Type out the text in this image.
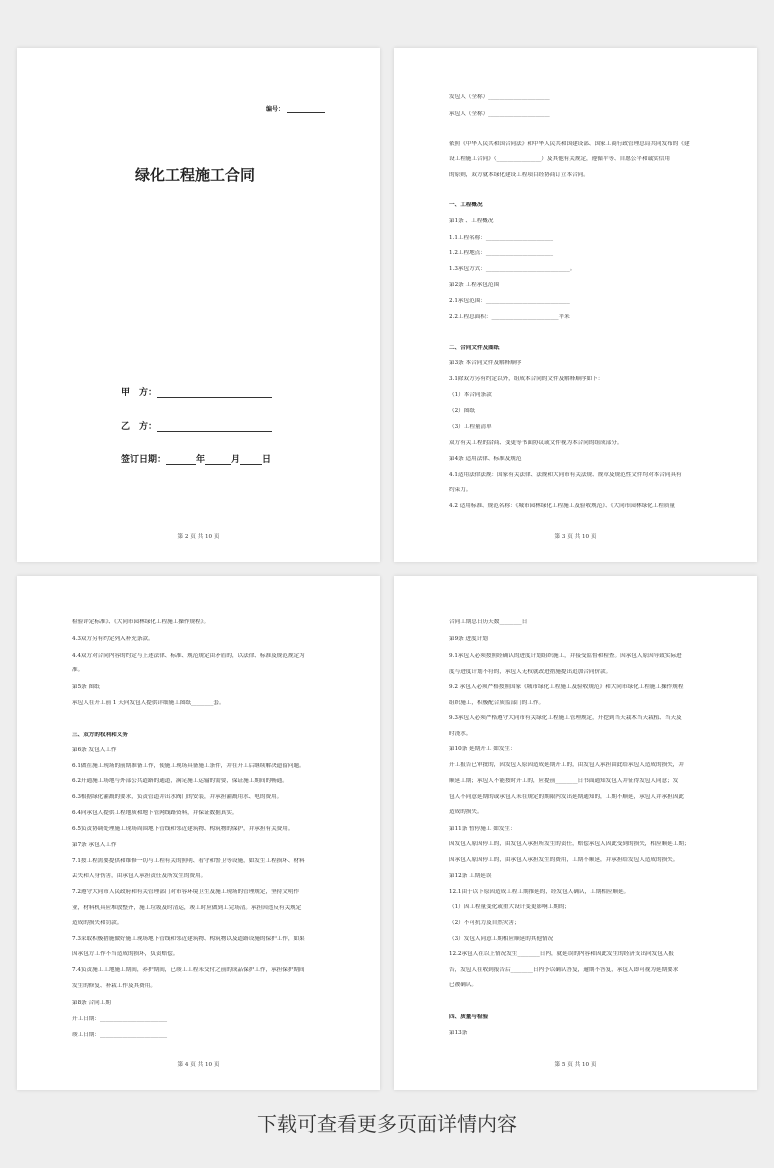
编号：
绿化工程施工合同
甲　方：
乙　方：
签订日期：	年	月 日
第 2 页 共 10 页
发包人（全称）______________________
承包人（全称）______________________
依照《中华人民共和国合同法》和中华人民共和国建设部、国家工商行政管理总局共同发布的《建
设工程施工合同》（________________）及其他有关规定，遵循平等、自愿公平和诚实信用
的原则，双方就本绿化建设工程项目经协商订立本合同。
一、工程概况
第1条 、工程概况
1.1工程名称：________________________
1.2工程地点：________________________
1.3承包方式：______________________________。
第2条 工程承包范围
2.1承包范围：______________________________
2.2工程总面积：________________________平米
二、合同文件及图纸
第3条 本合同文件及解释顺序
3.1除双方另有约定以外，组成本合同的文件及解释顺序如下：
（1）本合同条款
（2）图纸
（3）工程量清单
双方有关工程的洽商、变更等书面协议或文件视为本合同的组成部分。
第4条 适用法律、标准及规范
4.1适用法律法规：国家有关法律、法规和大同市有关法规、规章及规范性文件均对本合同具有
约束力。
4.2 适用标准、规范名称：《城市园林绿化工程施工及验收规范》、《大同市园林绿化工程质量
第 3 页 共 10 页
检验评定标准》、《大同市园林绿化工程施工操作规程》。
4.3双方另有约定列入补充条款。
4.4双方对合同内容的约定与上述法律、标准、规范规定由矛盾的，以法律、标准及规范规定为
准。
第5条 图纸
承包人在开工前 1 天向发包人提供详细施工图纸________套。
三、双方的权利和义务
第6条 发包人工作
6.1做在施工现场的前期准备工作，使施工现场具备施工条件，并在开工后继续解决遗留问题。
6.2开通施工场地与外部公共道路的通道，满足施工运输的需要，保证施工期间的畅通。
6.3根据绿化灌溉的要求，负责管道并出水阀门的安装，并承担灌溉用水、电的费用。
6.4向承包人提供工程地质和地下管网线路资料，并保证数据真实。
6.5负责协调处理施工现场周围地下管线和邻近建筑物、构筑物的保护，并承担有关费用。
第7条 承包人工作
7.1按工程需要提供和维修一切与工程有关的照明、看守和警卫等设施，如发生工程损坏、材料
丢失和人身伤害，由承包人承担责任及所发生的费用。
7.2遵守大同市人民政府和有关管理部门对市容环境卫生及施工现场的管理规定，坚持文明作
业，材料机具应堆放整齐，施工垃圾及时清运，竣工时应做到工完场清。承担因违反有关规定
造成的损失和罚款。
7.3采取积极措施做好施工现场地下管线和邻近建筑物、构筑物以及道路设施的保护工作，如果
因承包方工作不当造成的损坏，负责赔偿。
7.4负责施工工地施工期间，养护期间，已竣工工程未交付之前的成品保护工作，承担保护期间
发生的修复、补栽工作及其费用。
第8条 合同工期
开工日期：________________________
竣工日期：________________________
第 4 页 共 10 页
合同工期总日历天数________日
第9条 进度计划
9.1承包人必须按照经确认的进度计划组织施工，并接受监督和检查。因承包人原因导致实际进
度与进度计划不符的，承包人无权就改进措施提出追加合同价款。
9.2 承包人必须严格按照国家《城市绿化工程施工及验收规范》和大同市绿化工程施工操作规程
组织施工，积极配合质监部门的工作。
9.3承包人必须严格遵守大同市有关绿化工程施工管理规定，开挖到当天栽木当天栽植、当天及
时浇水。
第10条 延期开工 如发生：
开工报告已审批的，因发包人原因造成延期开工的，由发包人承担由此给承包人造成的损失，并
顺延工期；承包人不能按时开工的，应提前________日书面通知发包人并征得发包人同意；发
包人不同意延期的或承包人未在规定的期限内发出延期通知的，工期不顺延，承包人并承担因此
造成的损失。
第11条 暂停施工 如发生：
因发包人原因停工的，由发包人承担所发生的责任，赔偿承包人因此受到的损失，相应顺延工期；
因承包人原因停工的，由承包人承担发生的费用，工期不顺延，并承担给发包人造成的损失。
第12条 工期延误
12.1由于以下原因造成工程工期推延的，经发包人确认，工期相应顺延。
（1）因工程量变化或重大设计变更影响工期的；
（2）不可抗力及自然灾害；
（3）发包人同意工期相应顺延的其他情况
12.2承包人在以上情况发生________日内，就延误的内容和因此发生的经济支出向发包人报
告，发包人在收到报告后________日内予以确认答复，逾期不答复，承包人即可视为延期要求
已被确认。
四、质量与检验
第13条
第 5 页 共 10 页
下载可查看更多页面详情内容
